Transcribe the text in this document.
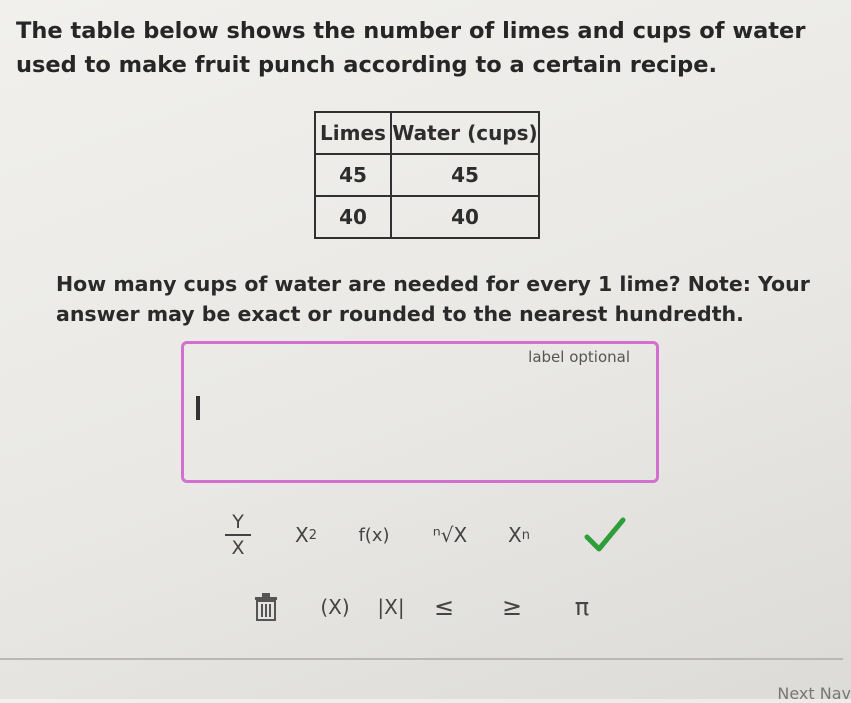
The table below shows the number of limes and cups of water used to make fruit punch according to a certain recipe.
Limes	Water (cups)
45	45
40	40
How many cups of water are needed for every 1 lime? Note: Your answer may be exact or rounded to the nearest hundredth.
label optional
Y
X
X 2 f(x) ⁿ√X X n
(X) |X| ≤ ≥ π
Next Nav
